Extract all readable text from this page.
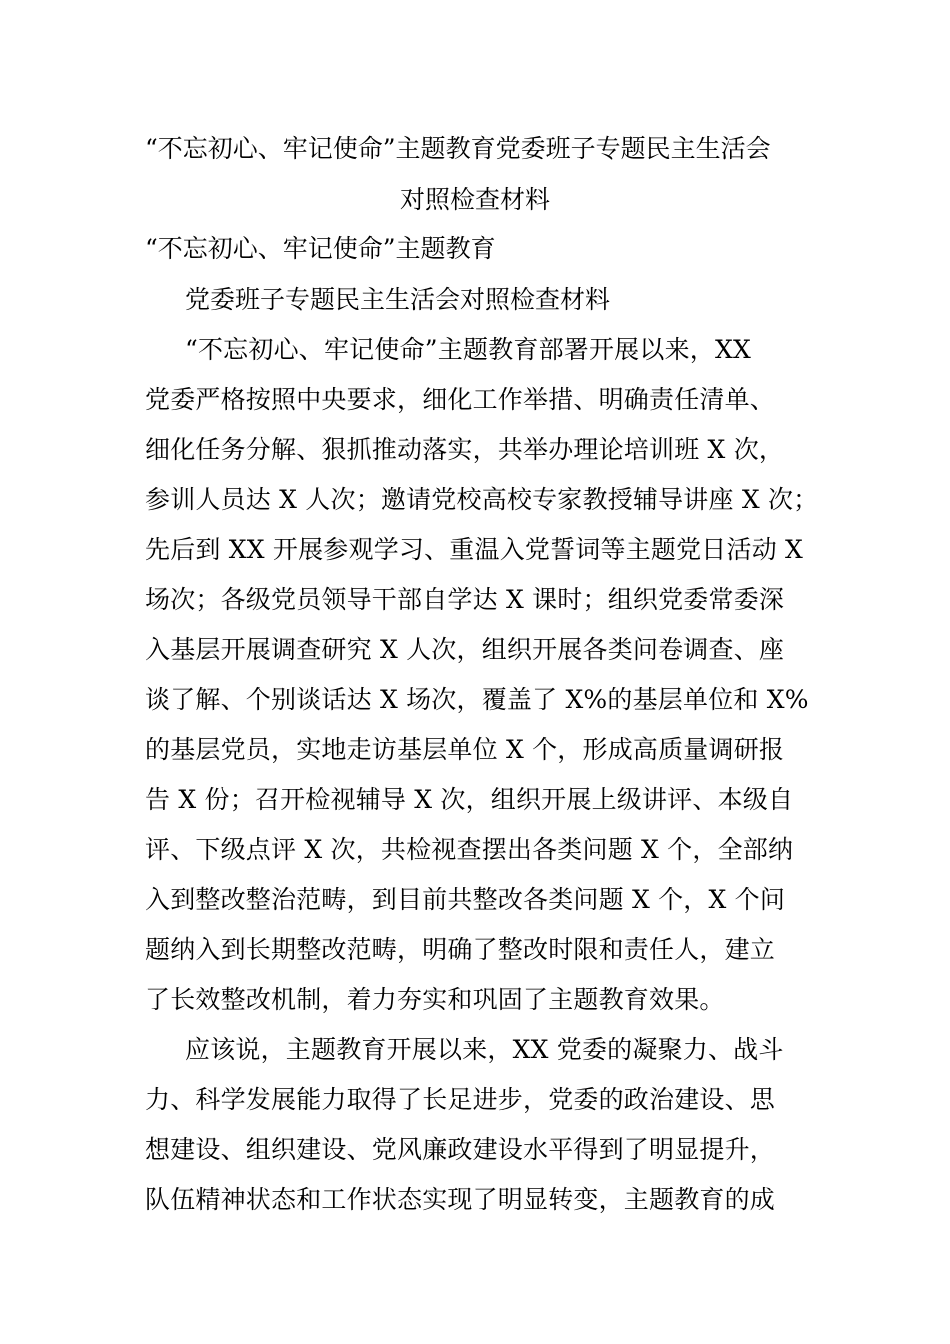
“不忘初心、牢记使命”主题教育党委班子专题民主生活会
对照检查材料
“不忘初心、牢记使命”主题教育
党委班子专题民主生活会对照检查材料
“不忘初心、牢记使命”主题教育部署开展以来，XX
党委严格按照中央要求，细化工作举措、明确责任清单、
细化任务分解、狠抓推动落实，共举办理论培训班 X 次，
参训人员达 X 人次；邀请党校高校专家教授辅导讲座 X 次；
先后到 XX 开展参观学习、重温入党誓词等主题党日活动 X
场次；各级党员领导干部自学达 X 课时；组织党委常委深
入基层开展调查研究 X 人次，组织开展各类问卷调查、座
谈了解、个别谈话达 X 场次，覆盖了 X%的基层单位和 X%
的基层党员，实地走访基层单位 X 个，形成高质量调研报
告 X 份；召开检视辅导 X 次，组织开展上级讲评、本级自
评、下级点评 X 次，共检视查摆出各类问题 X 个，全部纳
入到整改整治范畴，到目前共整改各类问题 X 个，X 个问
题纳入到长期整改范畴，明确了整改时限和责任人，建立
了长效整改机制，着力夯实和巩固了主题教育效果。
应该说，主题教育开展以来，XX 党委的凝聚力、战斗
力、科学发展能力取得了长足进步，党委的政治建设、思
想建设、组织建设、党风廉政建设水平得到了明显提升，
队伍精神状态和工作状态实现了明显转变，主题教育的成
